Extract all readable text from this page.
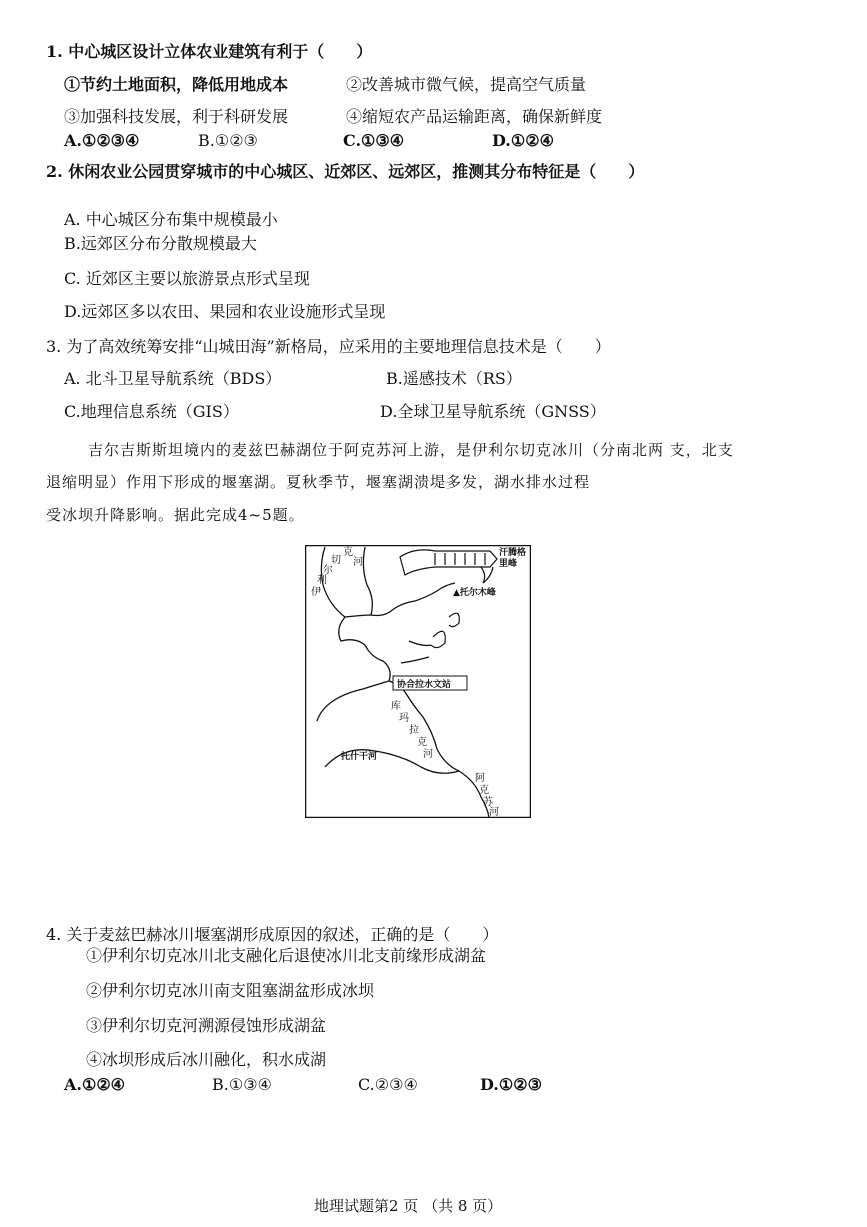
1. 中心城区设计立体农业建筑有利于（　　）
①节约土地面积，降低用地成本	②改善城市微气候，提高空气质量
③加强科技发展，利于科研发展	④缩短农产品运输距离，确保新鲜度
A.①②③④	B.①②③	C.①③④	D.①②④
2. 休闲农业公园贯穿城市的中心城区、近郊区、远郊区，推测其分布特征是（　　）
A. 中心城区分布集中规模最小
B.远郊区分布分散规模最大
C. 近郊区主要以旅游景点形式呈现
D.远郊区多以农田、果园和农业设施形式呈现
3. 为了高效统筹安排“山城田海”新格局，应采用的主要地理信息技术是（　　）
A. 北斗卫星导航系统（BDS）	B.遥感技术（RS）
C.地理信息系统（GIS）	D.全球卫星导航系统（GNSS）
吉尔吉斯斯坦境内的麦兹巴赫湖位于阿克苏河上游，是伊利尔切克冰川（分南北两 支，北支
退缩明显）作用下形成的堰塞湖。夏秋季节，堰塞湖溃堤多发，湖水排水过程
受冰坝升降影响。据此完成4~5题。
汗腾格
里峰
▲托尔木峰
协合拉水文站
伊
利
尔
切
克
河
库
玛
拉
克
河
托什干河
阿
克
苏
河
4. 关于麦兹巴赫冰川堰塞湖形成原因的叙述，正确的是（　　）
①伊利尔切克冰川北支融化后退使冰川北支前缘形成湖盆
②伊利尔切克冰川南支阻塞湖盆形成冰坝
③伊利尔切克河溯源侵蚀形成湖盆
④冰坝形成后冰川融化，积水成湖
A.①②④	B.①③④	C.②③④	D.①②③
地理试题第2 页 （共 8 页）
